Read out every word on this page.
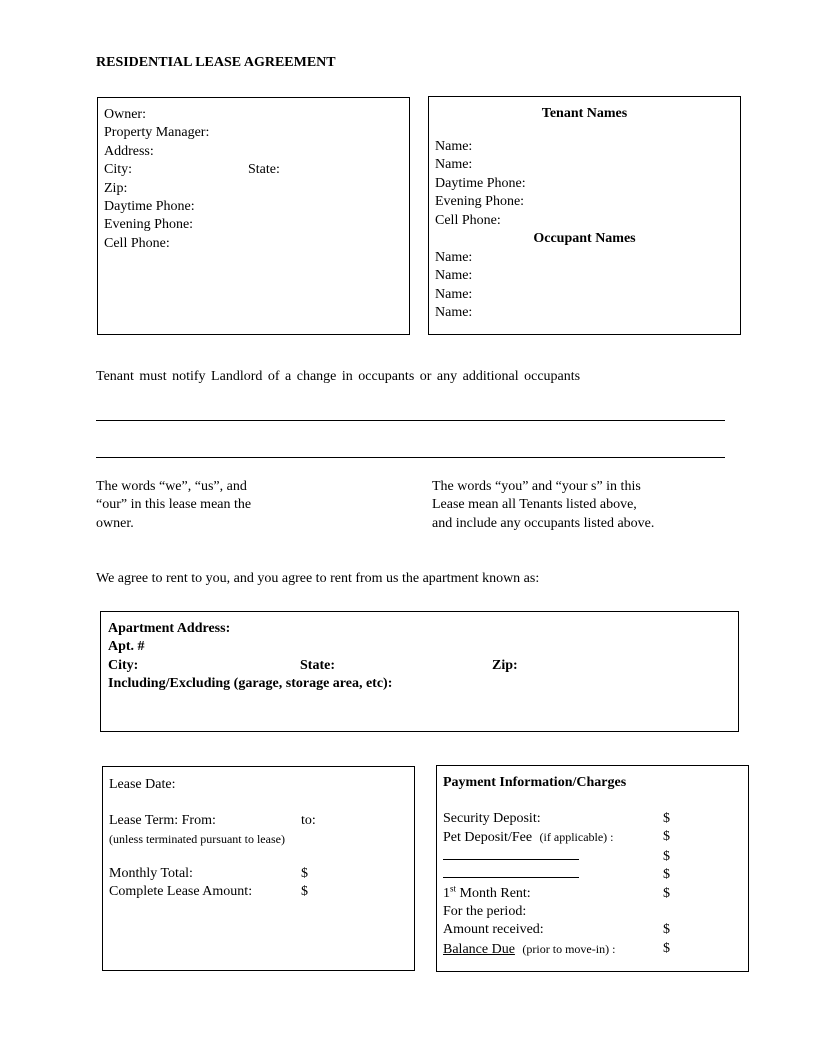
RESIDENTIAL LEASE AGREEMENT
Owner:
Property Manager:
Address:
City:	State:
Zip:
Daytime Phone:
Evening Phone:
Cell Phone:
Tenant Names
Name:
Name:
Daytime Phone:
Evening Phone:
Cell Phone:
Occupant Names
Name:
Name:
Name:
Name:
Tenant must notify Landlord of a change in occupants or any additional occupants
The words “we”, “us”, and
“our” in this lease mean the
owner.
The words “you” and “your s” in this
Lease mean all Tenants listed above,
and include any occupants listed above.
We agree to rent to you, and you agree to rent from us the apartment known as:
Apartment Address:
Apt. #
City:	State:	Zip:
Including/Excluding (garage, storage area, etc):
Lease Date:
Lease Term: From:	to:
(unless terminated pursuant to lease)
Monthly Total:	$
Complete Lease Amount:	$
Payment Information/Charges
Security Deposit:	$
Pet Deposit/Fee (if applicable) :	$
$
$
1st Month Rent:	$
For the period:
Amount received:	$
Balance Due (prior to move-in) :	$
